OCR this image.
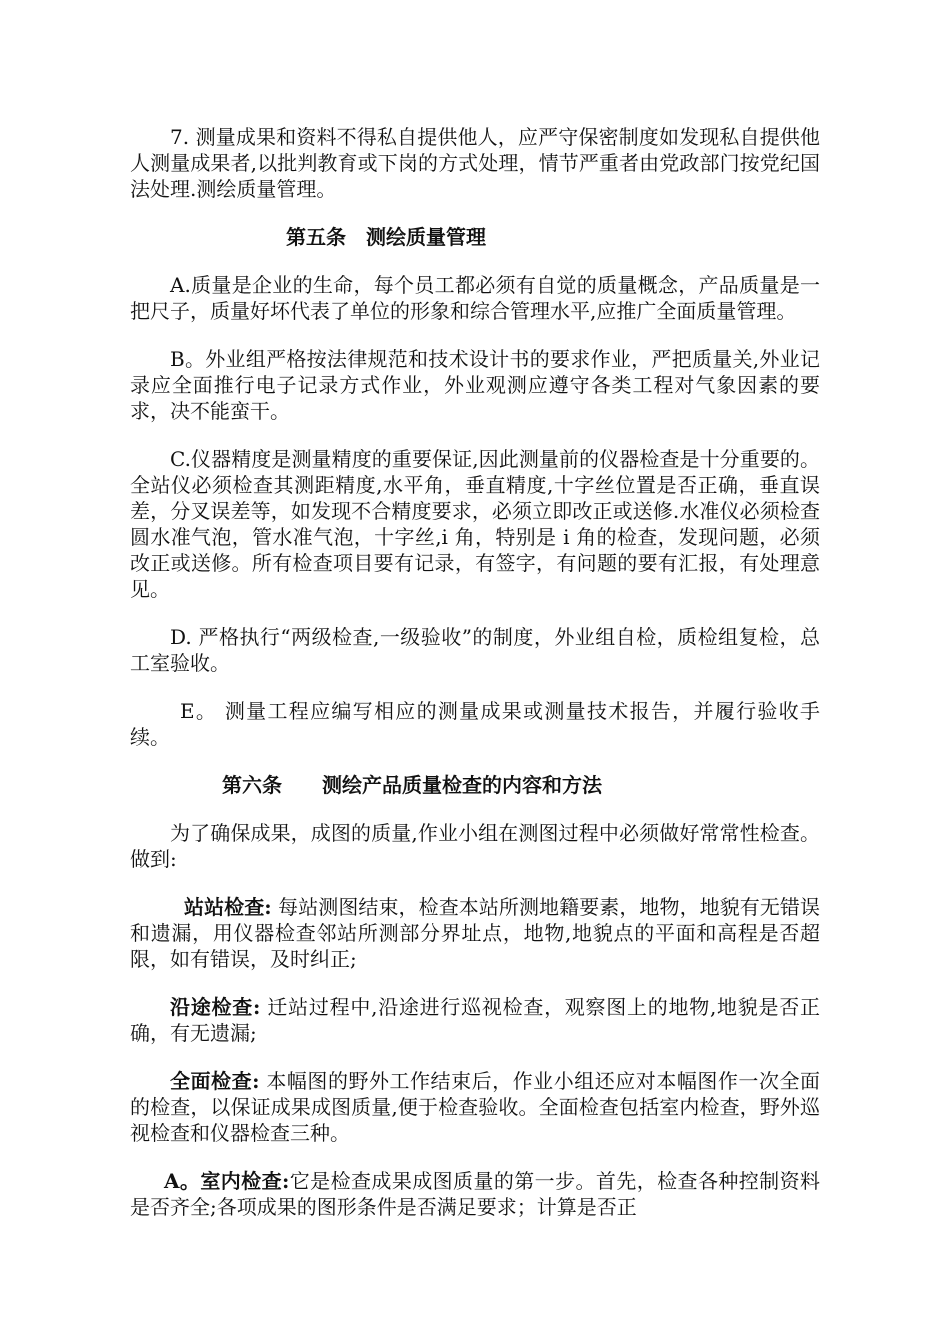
7. 测量成果和资料不得私自提供他人，应严守保密制度如发现私自提供他人测量成果者,以批判教育或下岗的方式处理，情节严重者由党政部门按党纪国法处理.测绘质量管理。

第五条　测绘质量管理

A.质量是企业的生命，每个员工都必须有自觉的质量概念，产品质量是一把尺子，质量好坏代表了单位的形象和综合管理水平,应推广全面质量管理。

B。外业组严格按法律规范和技术设计书的要求作业，严把质量关,外业记录应全面推行电子记录方式作业，外业观测应遵守各类工程对气象因素的要求，决不能蛮干。

C.仪器精度是测量精度的重要保证,因此测量前的仪器检查是十分重要的。全站仪必须检查其测距精度,水平角，垂直精度,十字丝位置是否正确，垂直误差，分叉误差等，如发现不合精度要求，必须立即改正或送修.水准仪必须检查圆水准气泡，管水准气泡，十字丝,i 角，特别是 i 角的检查，发现问题，必须改正或送修。所有检查项目要有记录，有签字，有问题的要有汇报，有处理意见。

D. 严格执行“两级检查,一级验收”的制度，外业组自检，质检组复检，总工室验收。

E。 测量工程应编写相应的测量成果或测量技术报告，并履行验收手续。

第六条　　测绘产品质量检查的内容和方法

为了确保成果，成图的质量,作业小组在测图过程中必须做好常常性检查。做到:

站站检查: 每站测图结束，检查本站所测地籍要素，地物，地貌有无错误和遗漏，用仪器检查邻站所测部分界址点，地物,地貌点的平面和高程是否超限，如有错误，及时纠正;

沿途检查: 迁站过程中,沿途进行巡视检查，观察图上的地物,地貌是否正确，有无遗漏;

全面检查: 本幅图的野外工作结束后，作业小组还应对本幅图作一次全面的检查，以保证成果成图质量,便于检查验收。全面检查包括室内检查，野外巡视检查和仪器检查三种。

A。室内检查:它是检查成果成图质量的第一步。首先，检查各种控制资料是否齐全;各项成果的图形条件是否满足要求；计算是否正
